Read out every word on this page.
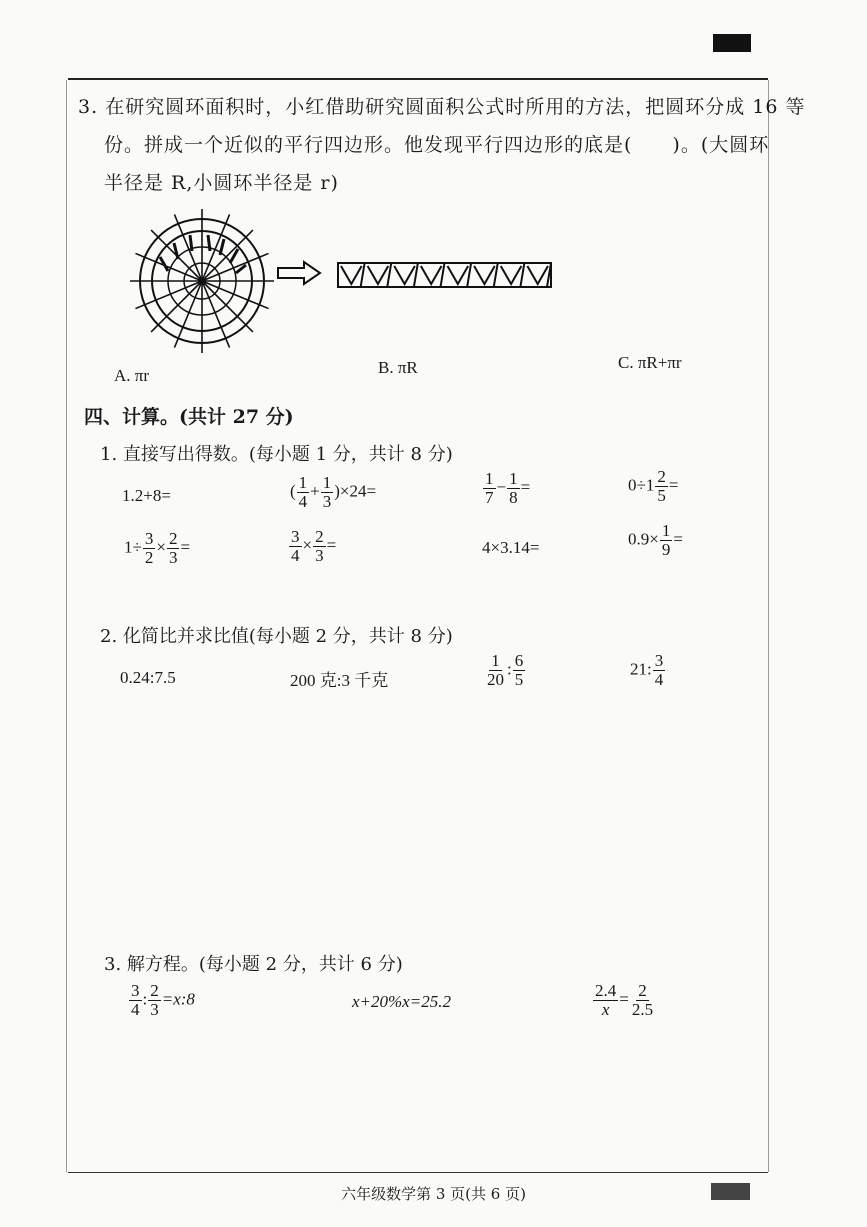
3. 在研究圆环面积时，小红借助研究圆面积公式时所用的方法，把圆环分成 16 等
份。拼成一个近似的平行四边形。他发现平行四边形的底是(　　)。(大圆环
半径是 R,小圆环半径是 r)
A. πr	B. πR	C. πR+πr
四、计算。(共计 27 分)
1. 直接写出得数。(每小题 1 分，共计 8 分)
1.2+8=	( $\frac{1}{4} + \frac{1}{3} )\times 24=$	$\frac{1}{7} - \frac{1}{8}$ =	$0\div 1 \frac{2}{5}$ =
$1\div \frac{3}{2} \times \frac{2}{3}$ =	$\frac{3}{4} \times \frac{2}{3}$ =	4×3.14=	$0.9\times \frac{1}{9}$ =
2. 化简比并求比值(每小题 2 分，共计 8 分)
0.24:7.5	200 克:3 千克	$\frac{1}{20}$ : $\frac{6}{5}$	21: $\frac{3}{4}$
3. 解方程。(每小题 2 分，共计 6 分)
$\frac{3}{4}$ : $\frac{2}{3}$ =x:8	x+20%x=25.2	$\frac{2.4}{x} = \frac{2}{2.5}$
六年级数学第 3 页(共 6 页)
